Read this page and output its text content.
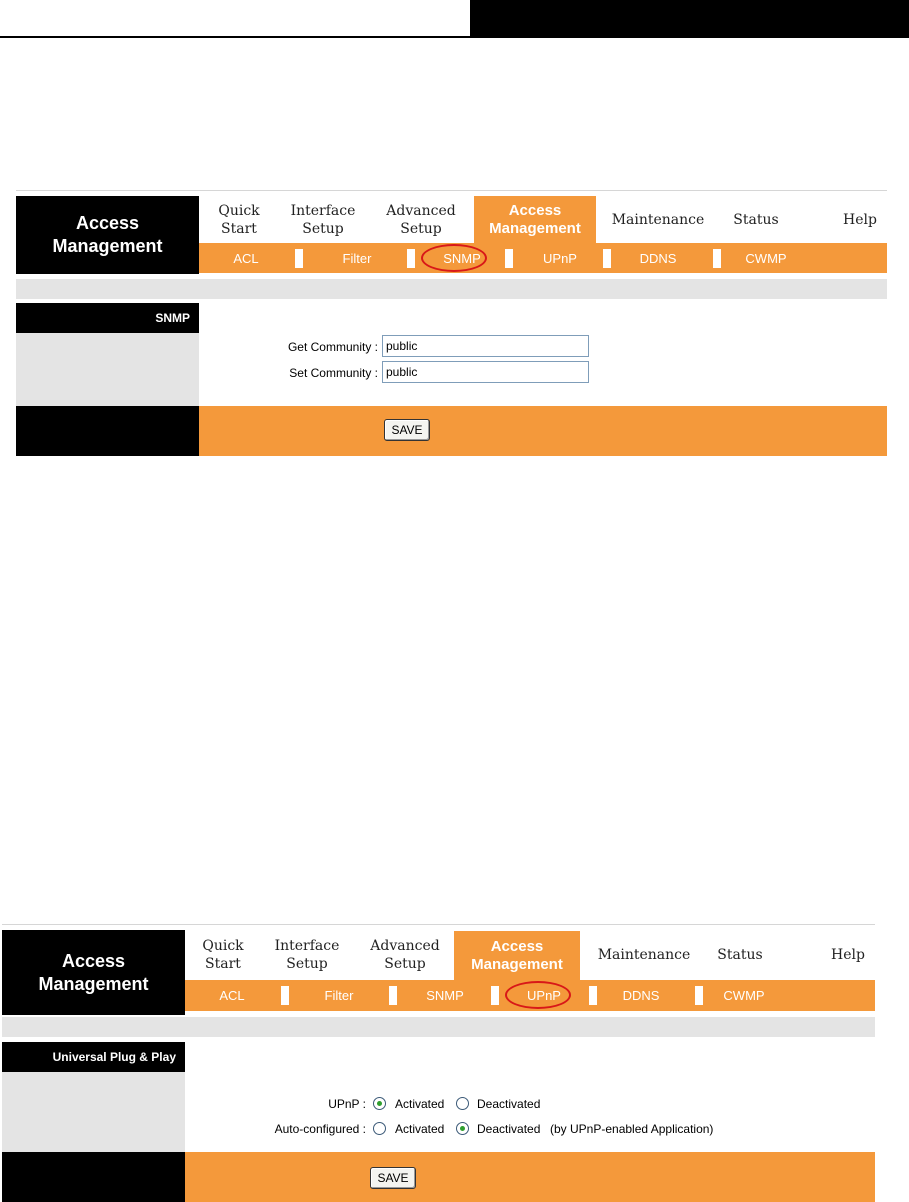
Access
Management
Quick
Start
Interface
Setup
Advanced
Setup
Access
Management	Maintenance	Status	Help
ACL	Filter	SNMP	UPnP	DDNS	CWMP
SNMP
Get Community :
public
Set Community :
public
SAVE
Access
Management
Quick
Start
Interface
Setup
Advanced
Setup
Access
Management
Maintenance	Status	Help
ACL	Filter	SNMP	UPnP	DDNS	CWMP
Universal Plug & Play
UPnP : Activated	Deactivated
Auto-configured : Activated	Deactivated (by UPnP-enabled Application)
SAVE
